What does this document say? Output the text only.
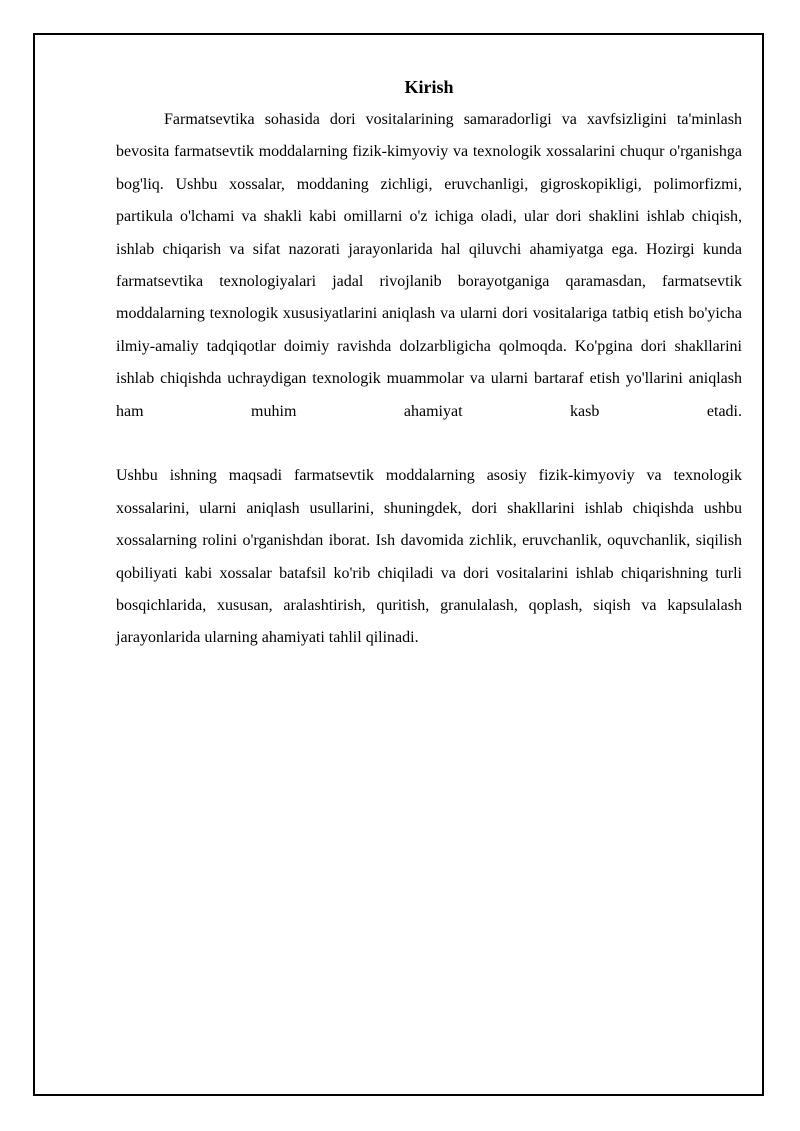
Kirish

Farmatsevtika sohasida dori vositalarining samaradorligi va xavfsizligini ta'minlash bevosita farmatsevtik moddalarning fizik-kimyoviy va texnologik xossalarini chuqur o'rganishga bog'liq. Ushbu xossalar, moddaning zichligi, eruvchanligi, gigroskopikligi, polimorfizmi, partikula o'lchami va shakli kabi omillarni o'z ichiga oladi, ular dori shaklini ishlab chiqish, ishlab chiqarish va sifat nazorati jarayonlarida hal qiluvchi ahamiyatga ega. Hozirgi kunda farmatsevtika texnologiyalari jadal rivojlanib borayotganiga qaramasdan, farmatsevtik moddalarning texnologik xususiyatlarini aniqlash va ularni dori vositalariga tatbiq etish bo'yicha ilmiy-amaliy tadqiqotlar doimiy ravishda dolzarbligicha qolmoqda. Ko'pgina dori shakllarini ishlab chiqishda uchraydigan texnologik muammolar va ularni bartaraf etish yo'llarini aniqlash ham muhim ahamiyat kasb etadi.

Ushbu ishning maqsadi farmatsevtik moddalarning asosiy fizik-kimyoviy va texnologik xossalarini, ularni aniqlash usullarini, shuningdek, dori shakllarini ishlab chiqishda ushbu xossalarning rolini o'rganishdan iborat. Ish davomida zichlik, eruvchanlik, oquvchanlik, siqilish qobiliyati kabi xossalar batafsil ko'rib chiqiladi va dori vositalarini ishlab chiqarishning turli bosqichlarida, xususan, aralashtirish, quritish, granulalash, qoplash, siqish va kapsulalash jarayonlarida ularning ahamiyati tahlil qilinadi.
